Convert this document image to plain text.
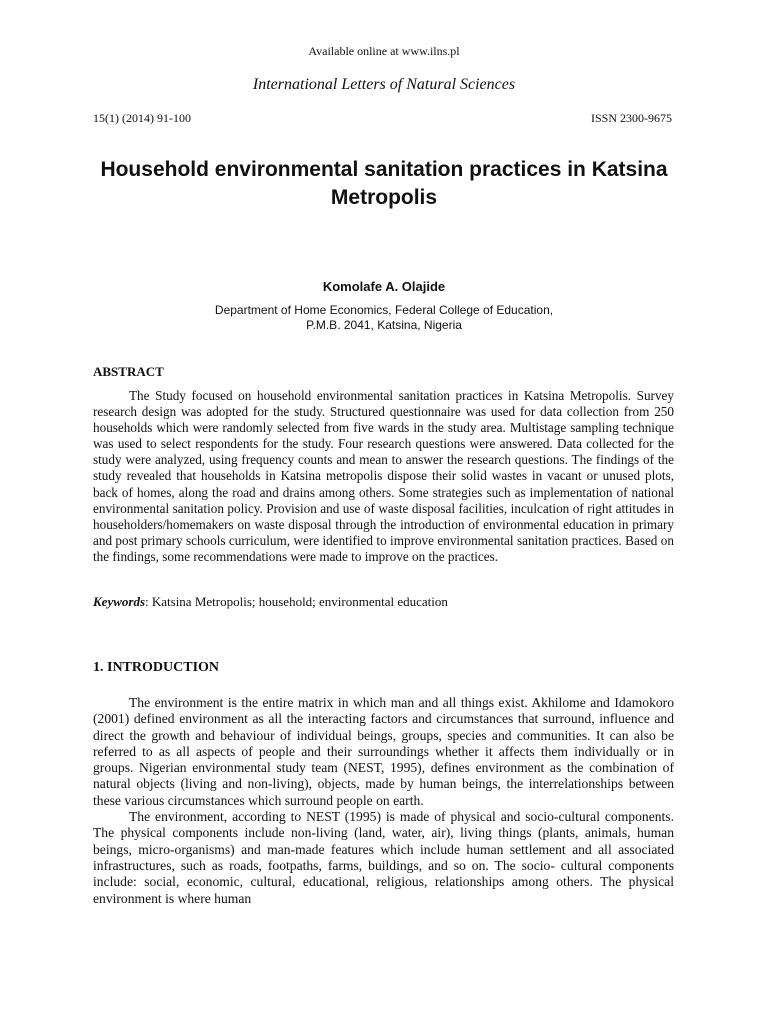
Available online at www.ilns.pl
International Letters of Natural Sciences
15(1) (2014) 91-100	ISSN 2300-9675
Household environmental sanitation practices in Katsina Metropolis
Komolafe A. Olajide
Department of Home Economics, Federal College of Education,
P.M.B. 2041, Katsina, Nigeria
ABSTRACT

The Study focused on household environmental sanitation practices in Katsina Metropolis. Survey research design was adopted for the study. Structured questionnaire was used for data collection from 250 households which were randomly selected from five wards in the study area. Multistage sampling technique was used to select respondents for the study. Four research questions were answered. Data collected for the study were analyzed, using frequency counts and mean to answer the research questions. The findings of the study revealed that households in Katsina metropolis dispose their solid wastes in vacant or unused plots, back of homes, along the road and drains among others. Some strategies such as implementation of national environmental sanitation policy. Provision and use of waste disposal facilities, inculcation of right attitudes in householders/homemakers on waste disposal through the introduction of environmental education in primary and post primary schools curriculum, were identified to improve environmental sanitation practices. Based on the findings, some recommendations were made to improve on the practices.

Keywords: Katsina Metropolis; household; environmental education

1. INTRODUCTION

The environment is the entire matrix in which man and all things exist. Akhilome and Idamokoro (2001) defined environment as all the interacting factors and circumstances that surround, influence and direct the growth and behaviour of individual beings, groups, species and communities. It can also be referred to as all aspects of people and their surroundings whether it affects them individually or in groups. Nigerian environmental study team (NEST, 1995), defines environment as the combination of natural objects (living and non-living), objects, made by human beings, the interrelationships between these various circumstances which surround people on earth.

The environment, according to NEST (1995) is made of physical and socio-cultural components. The physical components include non-living (land, water, air), living things (plants, animals, human beings, micro-organisms) and man-made features which include human settlement and all associated infrastructures, such as roads, footpaths, farms, buildings, and so on. The socio- cultural components include: social, economic, cultural, educational, religious, relationships among others. The physical environment is where human
